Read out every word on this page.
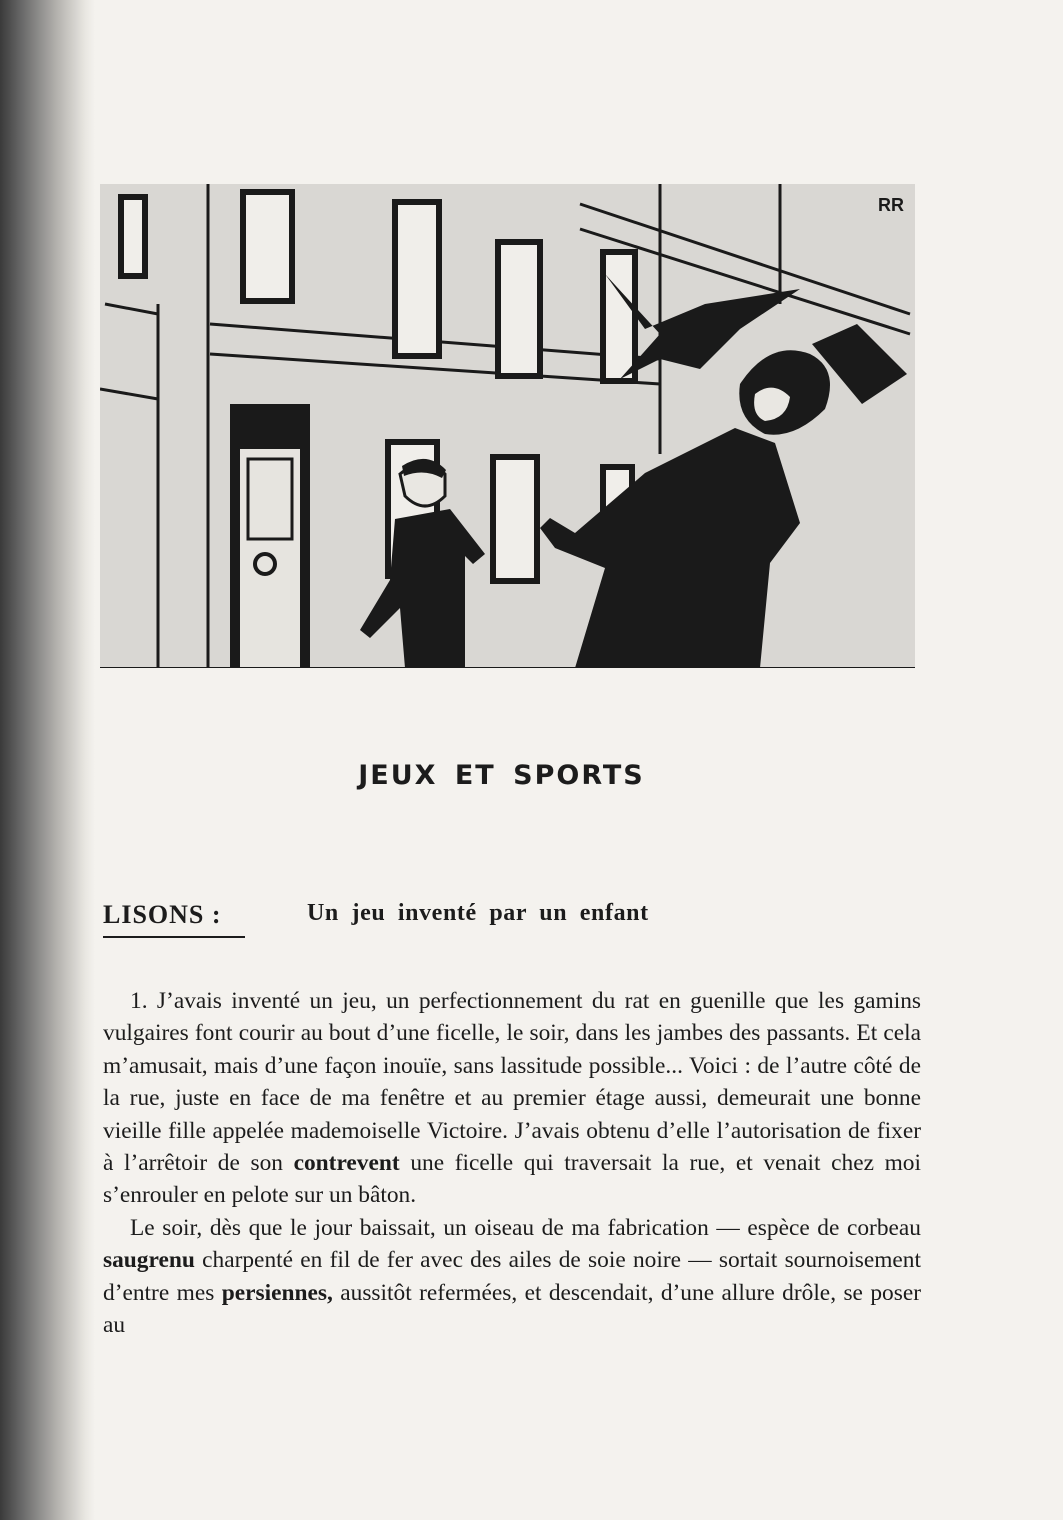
RR
JEUX ET SPORTS
LISONS :	Un jeu inventé par un enfant

1. J’avais inventé un jeu, un perfectionnement du rat en guenille que les gamins vulgaires font courir au bout d’une ficelle, le soir, dans les jambes des passants. Et cela m’amusait, mais d’une façon inouïe, sans lassitude possible... Voici : de l’autre côté de la rue, juste en face de ma fenêtre et au premier étage aussi, demeurait une bonne vieille fille appelée mademoiselle Victoire. J’avais obtenu d’elle l’autorisation de fixer à l’arrêtoir de son contrevent une ficelle qui traversait la rue, et venait chez moi s’enrouler en pelote sur un bâton.

Le soir, dès que le jour baissait, un oiseau de ma fabrication — espèce de corbeau saugrenu charpenté en fil de fer avec des ailes de soie noire — sortait sournoisement d’entre mes persiennes, aussitôt refermées, et descendait, d’une allure drôle, se poser au
